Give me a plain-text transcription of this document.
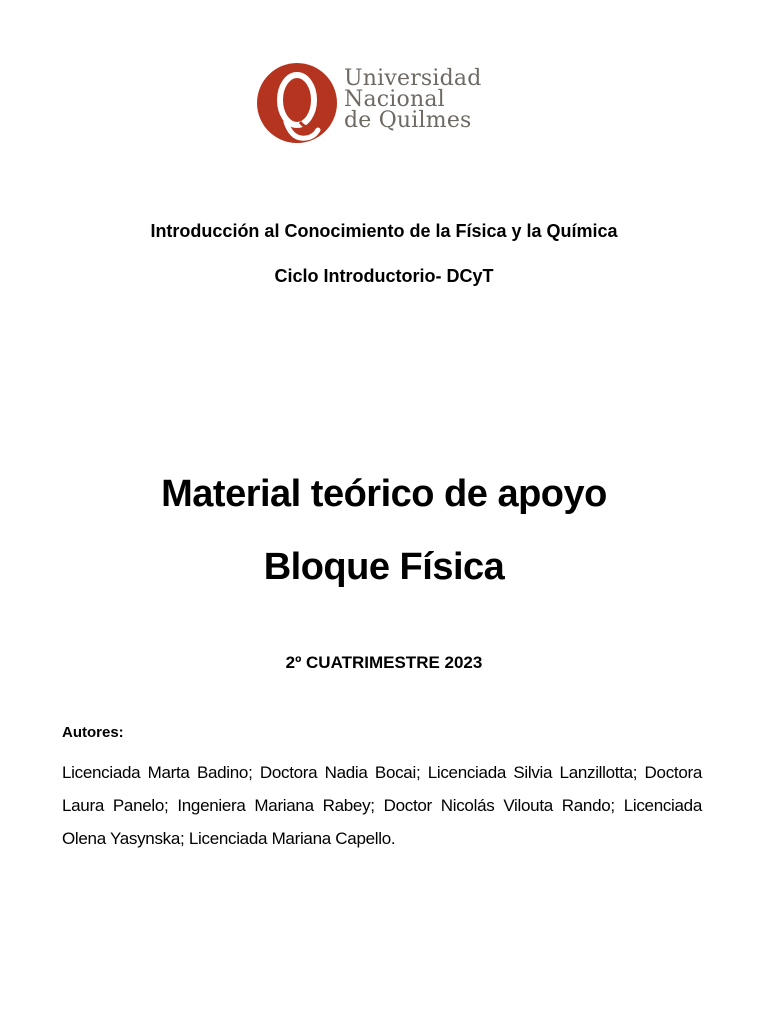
Universidad
Nacional
de Quilmes
Introducción al Conocimiento de la Física y la Química
Ciclo Introductorio- DCyT
Material teórico de apoyo
Bloque Física
2º CUATRIMESTRE 2023
Autores:
Licenciada Marta Badino; Doctora Nadia Bocai; Licenciada Silvia Lanzillotta; Doctora Laura Panelo; Ingeniera Mariana Rabey; Doctor Nicolás Vilouta Rando; Licenciada Olena Yasynska; Licenciada Mariana Capello.
